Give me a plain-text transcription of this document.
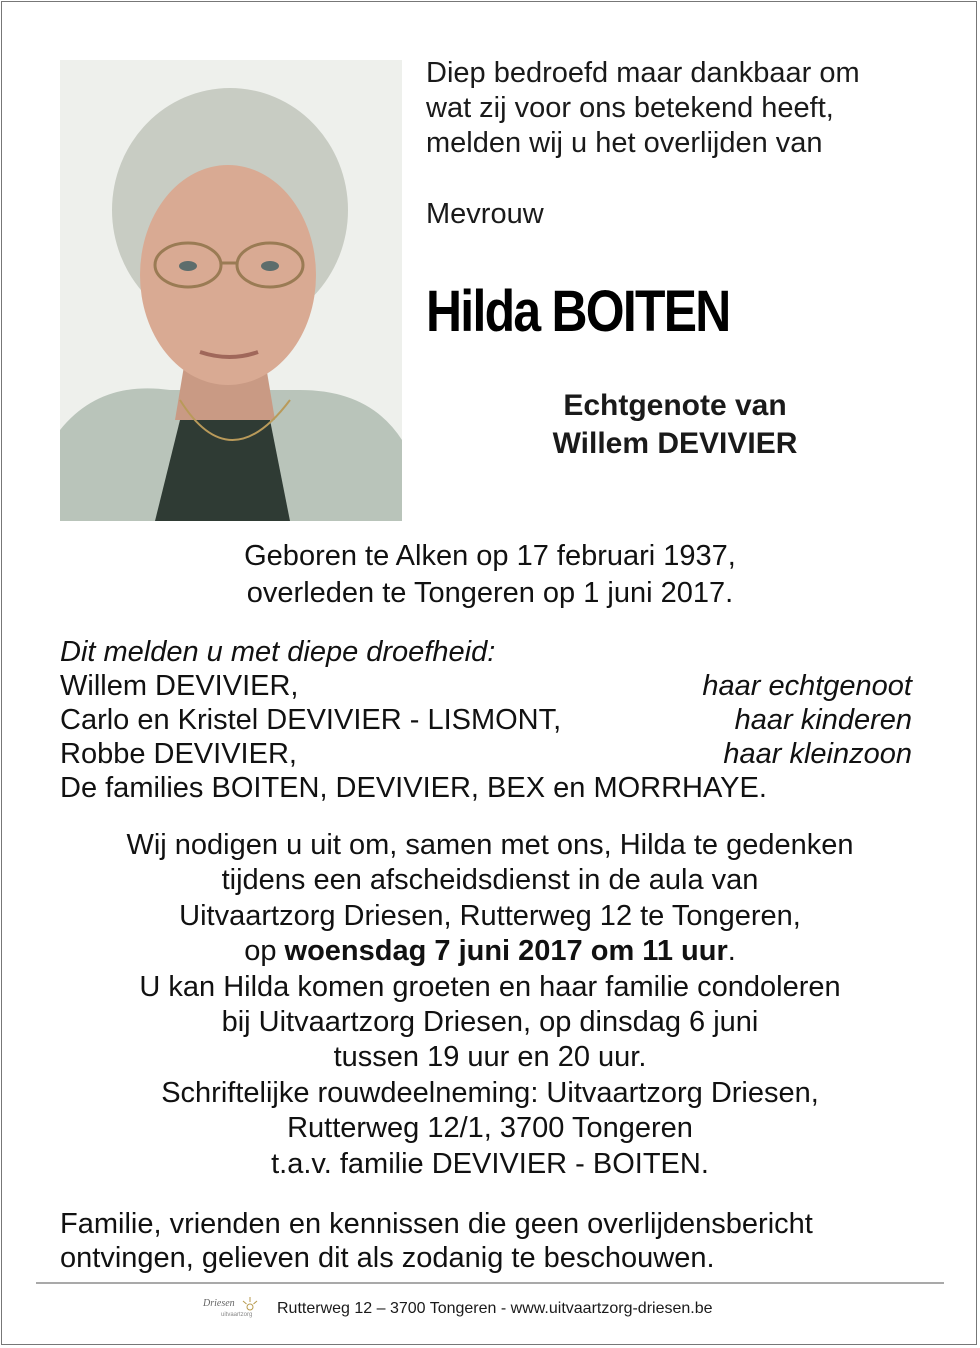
Diep bedroefd maar dankbaar om
wat zij voor ons betekend heeft,
melden wij u het overlijden van
Mevrouw
Hilda BOITEN
Echtgenote van
Willem DEVIVIER
Geboren te Alken op 17 februari 1937,
overleden te Tongeren op 1 juni 2017.
Dit melden u met diepe droefheid:
Willem DEVIVIER,	haar echtgenoot
Carlo en Kristel DEVIVIER - LISMONT,	haar kinderen
Robbe DEVIVIER,	haar kleinzoon
De families BOITEN, DEVIVIER, BEX en MORRHAYE.
Wij nodigen u uit om, samen met ons, Hilda te gedenken
tijdens een afscheidsdienst in de aula van
Uitvaartzorg Driesen, Rutterweg 12 te Tongeren,
op woensdag 7 juni 2017 om 11 uur.
U kan Hilda komen groeten en haar familie condoleren
bij Uitvaartzorg Driesen, op dinsdag 6 juni
tussen 19 uur en 20 uur.
Schriftelijke rouwdeelneming: Uitvaartzorg Driesen,
Rutterweg 12/1, 3700 Tongeren
t.a.v. familie DEVIVIER - BOITEN.
Familie, vrienden en kennissen die geen overlijdensbericht
ontvingen, gelieven dit als zodanig te beschouwen.
Driesen
uitvaartzorg Rutterweg 12 – 3700 Tongeren - www.uitvaartzorg-driesen.be
